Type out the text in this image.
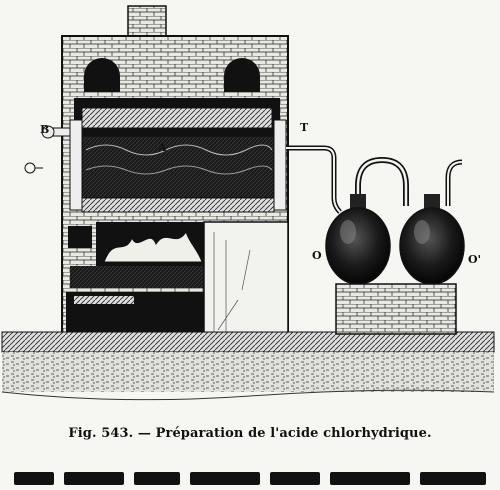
A
B	T
O	O'
Fig. 543. — Préparation de l'acide chlorhydrique.
